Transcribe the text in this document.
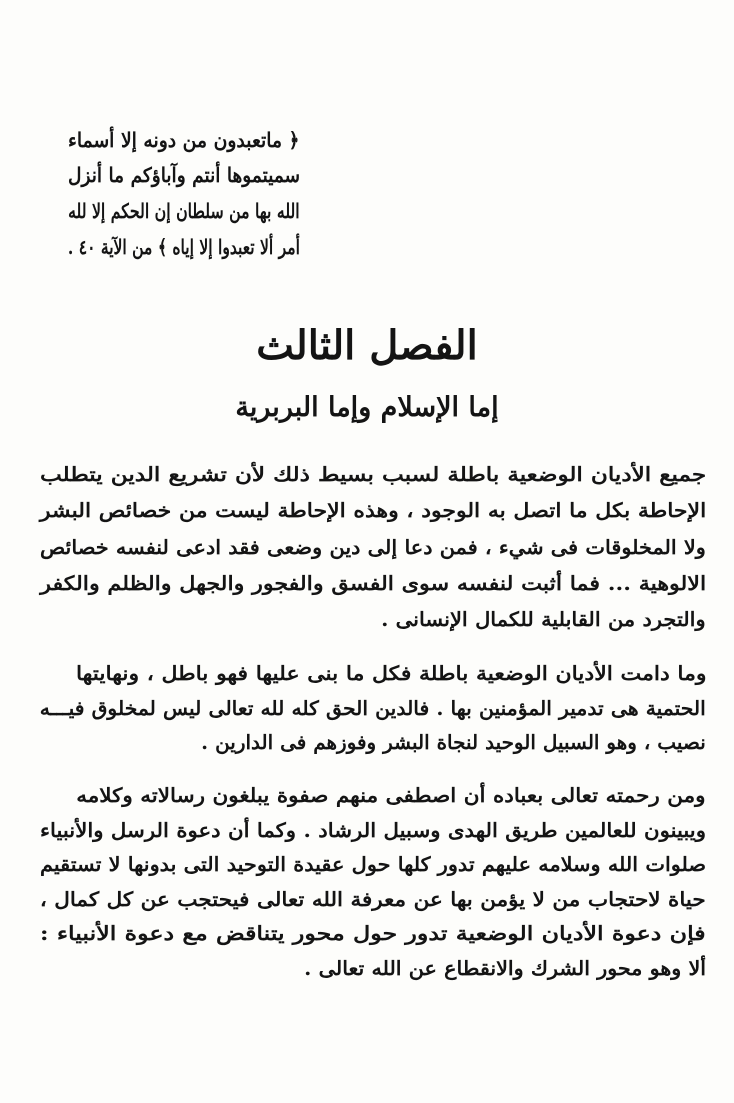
﴿ ماتعبدون من دونه إلا أسماء
سميتموها أنتم وآباؤكم ما أنزل
الله بها من سلطان إن الحكم إلا لله
أمر ألا تعبدوا إلا إياه ﴾ من الآية ٤٠ .
الفصل الثالث
إما الإسلام وإما البربرية
جميع الأديان الوضعية باطلة لسبب بسيط ذلك لأن تشريع الدين يتطلب
الإحاطة بكل ما اتصل به الوجود ، وهذه الإحاطة ليست من خصائص البشر
ولا المخلوقات فى شيء ، فمن دعا إلى دين وضعى فقد ادعى لنفسه خصائص
الالوهية ... فما أثبت لنفسه سوى الفسق والفجور والجهل والظلم والكفر
والتجرد من القابلية للكمال الإنسانى .
وما دامت الأديان الوضعية باطلة فكل ما بنى عليها فهو باطل ، ونهايتها
الحتمية هى تدمير المؤمنين بها . فالدين الحق كله لله تعالى ليس لمخلوق فيـــه
نصيب ، وهو السبيل الوحيد لنجاة البشر وفوزهم فى الدارين .
ومن رحمته تعالى بعباده أن اصطفى منهم صفوة يبلغون رسالاته وكلامه
ويبينون للعالمين طريق الهدى وسبيل الرشاد . وكما أن دعوة الرسل والأنبياء
صلوات الله وسلامه عليهم تدور كلها حول عقيدة التوحيد التى بدونها لا تستقيم
حياة لاحتجاب من لا يؤمن بها عن معرفة الله تعالى فيحتجب عن كل كمال ،
فإن دعوة الأديان الوضعية تدور حول محور يتناقض مع دعوة الأنبياء :
ألا وهو محور الشرك والانقطاع عن الله تعالى .
